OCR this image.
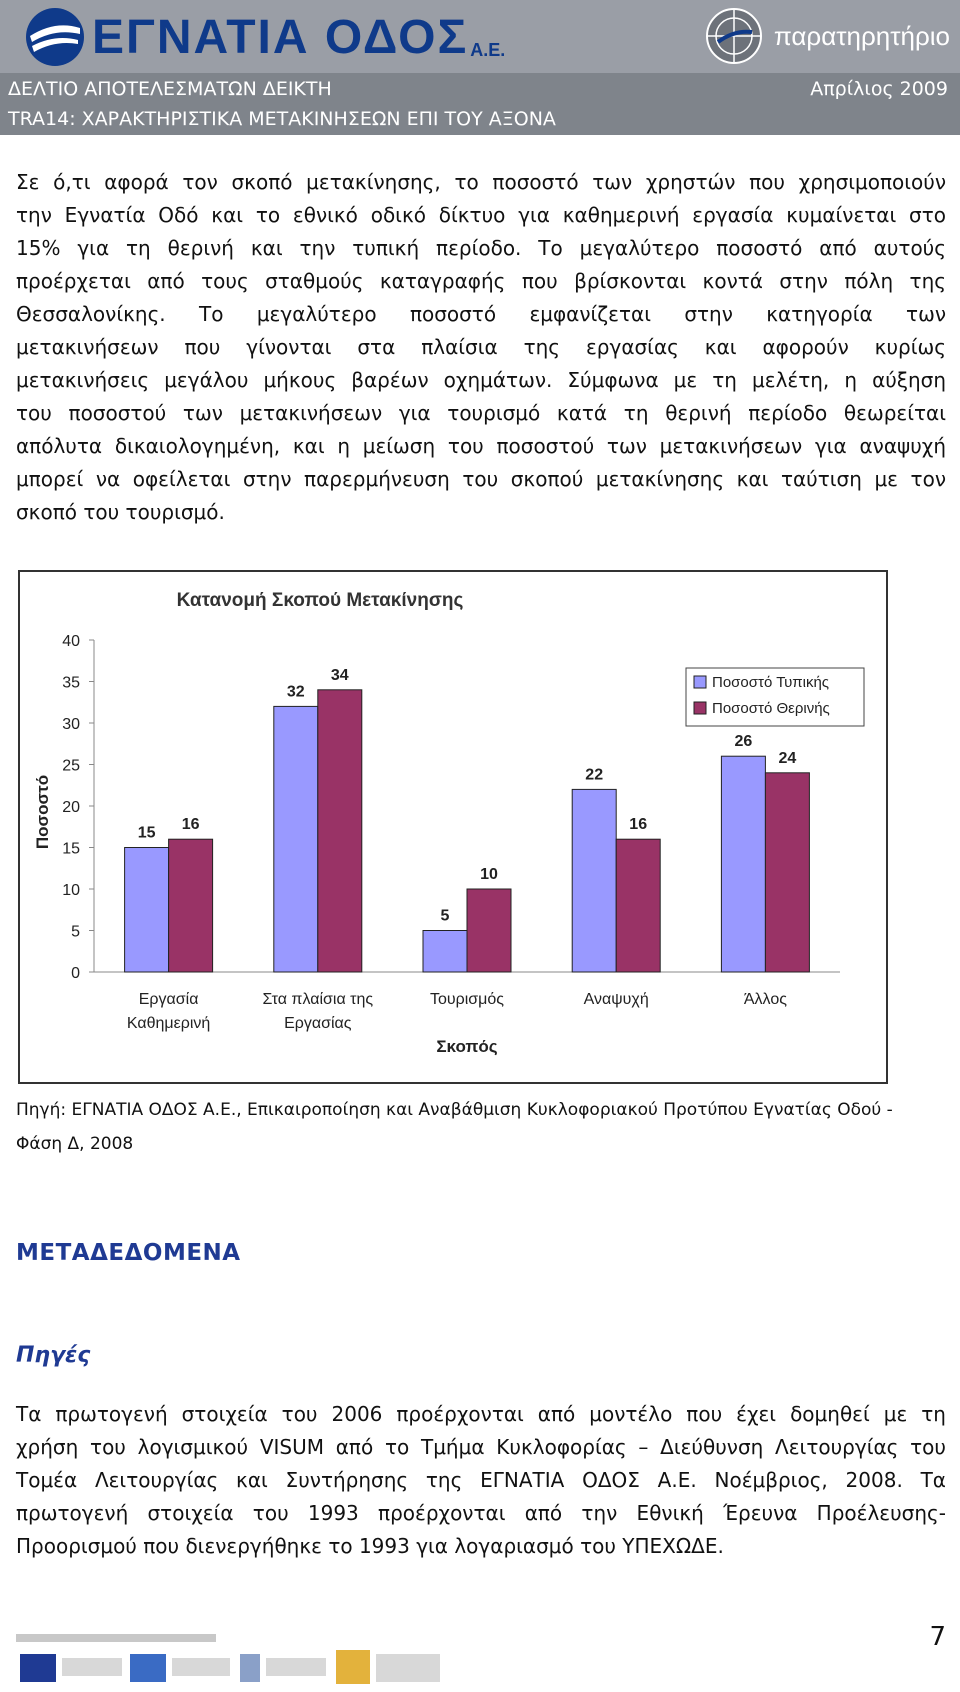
ΕΓΝΑΤΙΑ ΟΔΟΣ Α.Ε.	παρατηρητήριο
ΔΕΛΤΙΟ ΑΠΟΤΕΛΕΣΜΑΤΩΝ ΔΕΙΚΤΗ	Απρίλιος 2009
TRA14: ΧΑΡΑΚΤΗΡΙΣΤΙΚΑ ΜΕΤΑΚΙΝΗΣΕΩΝ ΕΠΙ ΤΟΥ ΑΞΟΝΑ
Σε ό,τι αφορά τον σκοπό μετακίνησης, το ποσοστό των χρηστών που χρησιμοποιούν
την Εγνατία Οδό και το εθνικό οδικό δίκτυο για καθημερινή εργασία κυμαίνεται στο
15% για τη θερινή και την τυπική περίοδο. Το μεγαλύτερο ποσοστό από αυτούς
προέρχεται από τους σταθμούς καταγραφής που βρίσκονται κοντά στην πόλη της
Θεσσαλονίκης. Το μεγαλύτερο ποσοστό εμφανίζεται στην κατηγορία των
μετακινήσεων που γίνονται στα πλαίσια της εργασίας και αφορούν κυρίως
μετακινήσεις μεγάλου μήκους βαρέων οχημάτων. Σύμφωνα με τη μελέτη, η αύξηση
του ποσοστού των μετακινήσεων για τουρισμό κατά τη θερινή περίοδο θεωρείται
απόλυτα δικαιολογημένη, και η μείωση του ποσοστού των μετακινήσεων για αναψυχή
μπορεί να οφείλεται στην παρερμήνευση του σκοπού μετακίνησης και ταύτιση με τον
σκοπό του τουρισμό.
Κατανομή Σκοπού Μετακίνησης
0
5
10
15
20
25
30
35
40
Ποσοστό	15 16
Εργασία
Καθημερινή
32
34
Στα πλαίσια της
Εργασίας
5
10
Τουρισμός
22
16
Αναψυχή
26
24
Άλλος
Σκοπός
Ποσοστό Τυπικής
Ποσοστό Θερινής
Πηγή: ΕΓΝΑΤΙΑ ΟΔΟΣ Α.Ε., Επικαιροποίηση και Αναβάθμιση Κυκλοφοριακού Προτύπου Εγνατίας Οδού -
Φάση Δ, 2008
ΜΕΤΑΔΕΔΟΜΕΝΑ
Πηγές
Τα πρωτογενή στοιχεία του 2006 προέρχονται από μοντέλο που έχει δομηθεί με τη
χρήση του λογισμικού VISUM από το Τμήμα Κυκλοφορίας – Διεύθυνση Λειτουργίας του
Τομέα Λειτουργίας και Συντήρησης της ΕΓΝΑΤΙΑ ΟΔΟΣ Α.Ε. Νοέμβριος, 2008. Τα
πρωτογενή στοιχεία του 1993 προέρχονται από την Εθνική Έρευνα Προέλευσης-
Προορισμού που διενεργήθηκε το 1993 για λογαριασμό του ΥΠΕΧΩΔΕ.
7
